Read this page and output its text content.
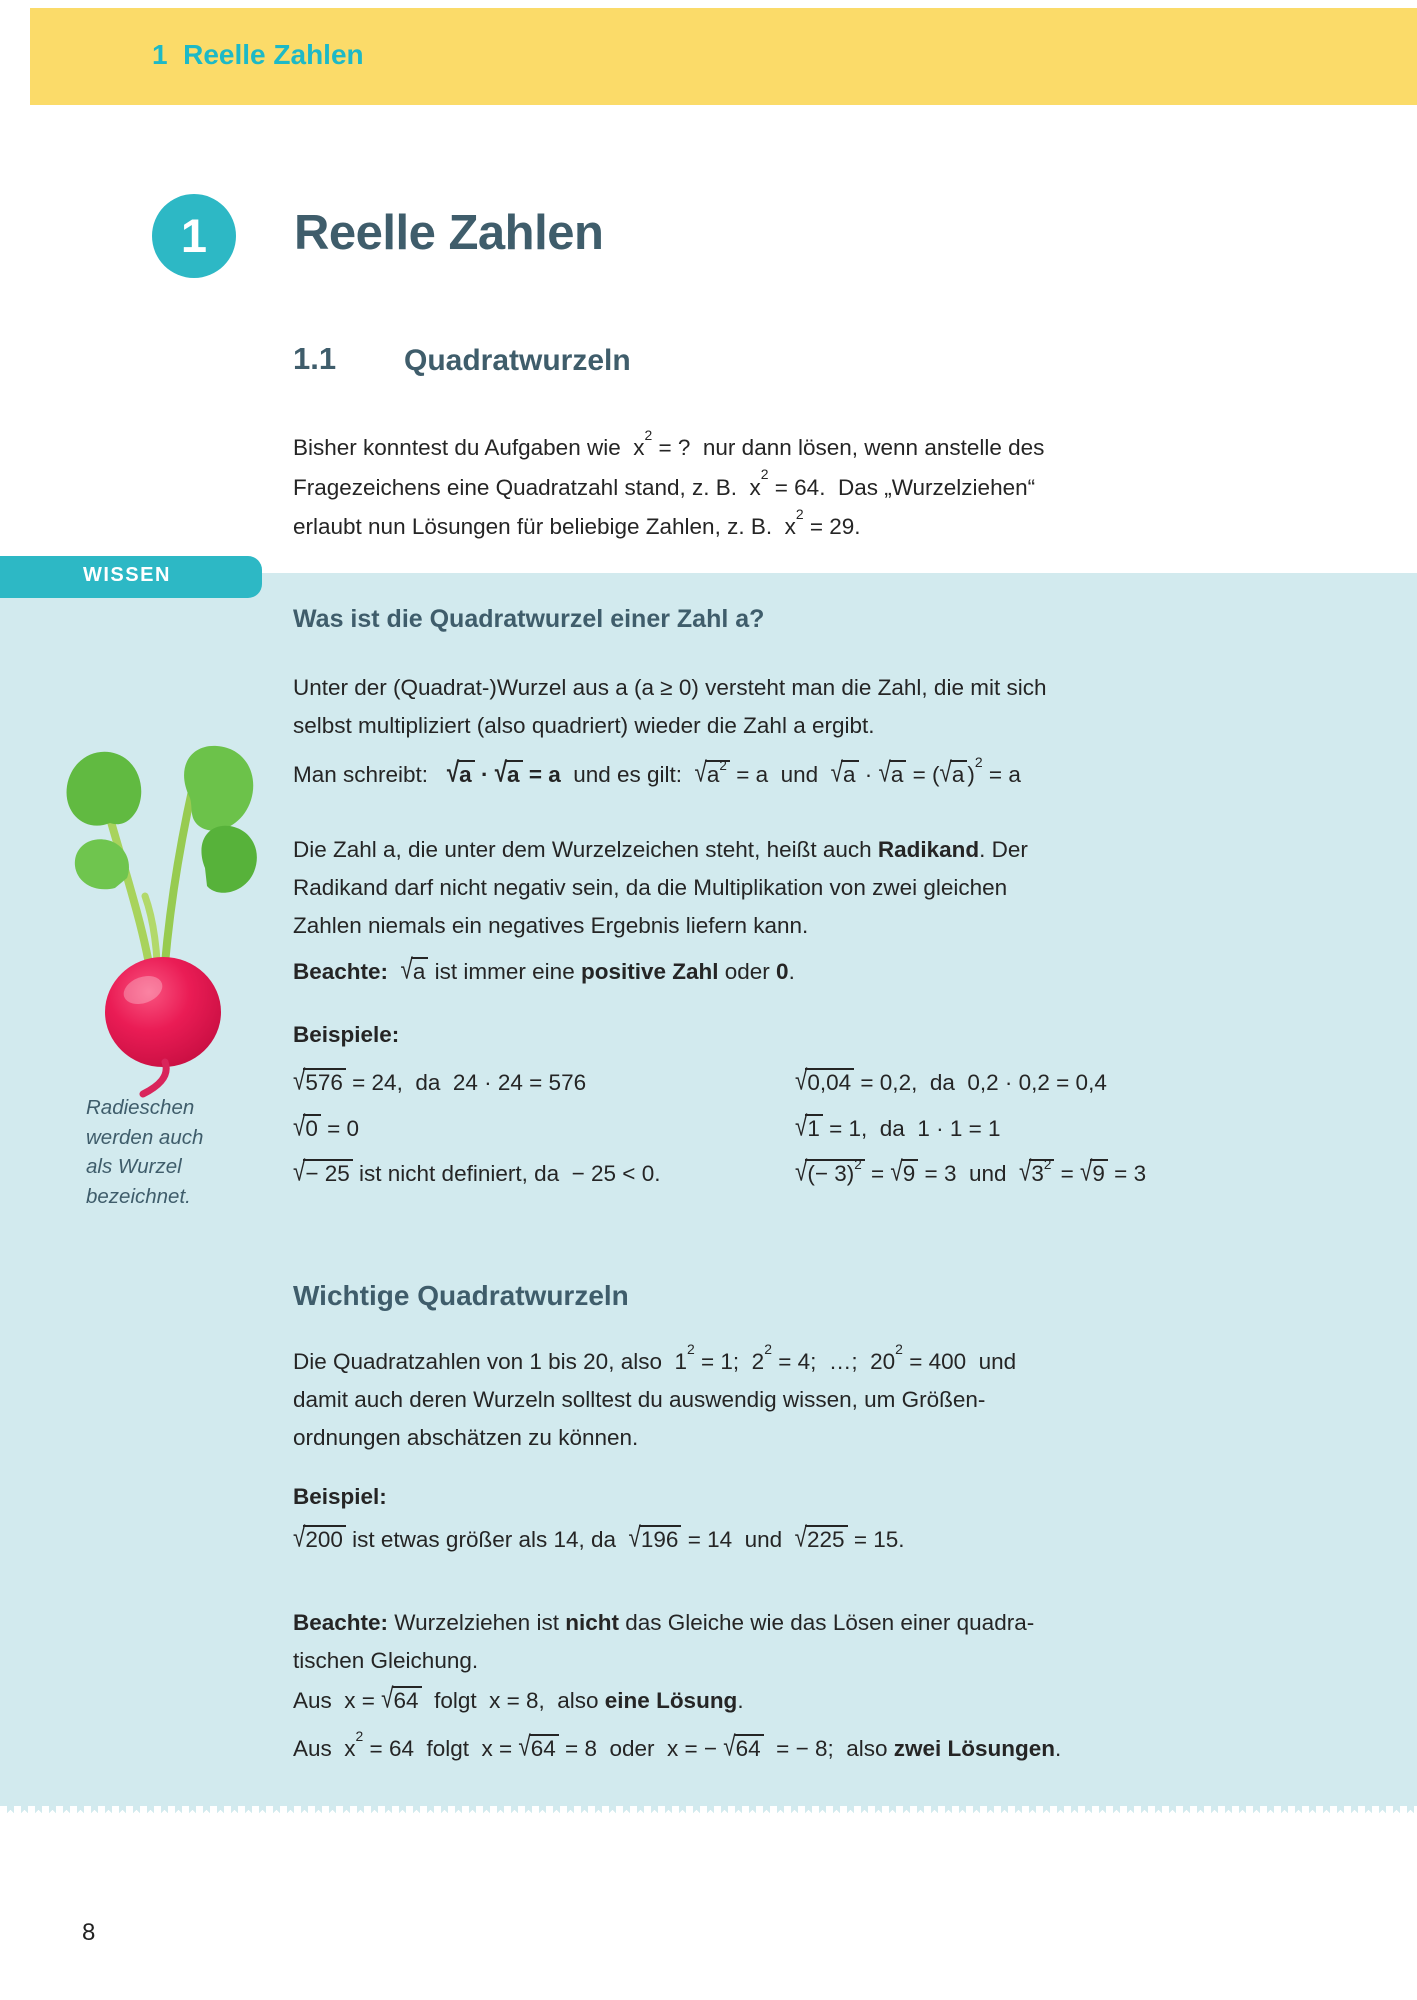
1  Reelle Zahlen
1	Reelle Zahlen
1.1 Quadratwurzeln
Bisher konntest du Aufgaben wie  $x^2$ = ?  nur dann lösen, wenn anstelle des
Fragezeichens eine Quadratzahl stand, z. B.  $x^2 = 64$.  Das „Wurzelziehen“
erlaubt nun Lösungen für beliebige Zahlen, z. B.  $x^2 = 29$.
WISSEN
Radieschen
werden auch
als Wurzel
bezeichnet.
Was ist die Quadratwurzel einer Zahl a?
Unter der (Quadrat-)Wurzel aus a (a ≥ 0) versteht man die Zahl, die mit sich
selbst multipliziert (also quadriert) wieder die Zahl a ergibt.
Man schreibt:   √a · √a = a  und es gilt:  $√a^2 = a$  und  √a · √a = (√a )$^2$ = a
Die Zahl a, die unter dem Wurzelzeichen steht, heißt auch Radikand. Der
Radikand darf nicht negativ sein, da die Multiplikation von zwei gleichen
Zahlen niemals ein negatives Ergebnis liefern kann.
Beachte:  √a ist immer eine positive Zahl oder 0.
Beispiele:
√576 = 24,  da  24 · 24 = 576	√0,04 = 0,2,  da  0,2 · 0,2 = 0,4
√0 = 0	√1 = 1,  da  1 · 1 = 1
√− 25 ist nicht definiert, da  − 25 < 0.	√(− 3)$^2$ = √9 = 3  und  $√3^2 = √9 = 3$
Wichtige Quadratwurzeln
Die Quadratzahlen von 1 bis 20, also  $1^2 = 1$;  $2^2 = 4$;  …;  $20^2 = 400$  und
damit auch deren Wurzeln solltest du auswendig wissen, um Größen-
ordnungen abschätzen zu können.
Beispiel:
√200 ist etwas größer als 14, da  √196 = 14  und  √225 = 15.
Beachte: Wurzelziehen ist nicht das Gleiche wie das Lösen einer quadra-
tischen Gleichung.
Aus  x = √64  folgt  x = 8,  also eine Lösung.
Aus  $x^2 = 64$  folgt  x = √64 = 8  oder  x = − √64  = − 8;  also zwei Lösungen.
8
